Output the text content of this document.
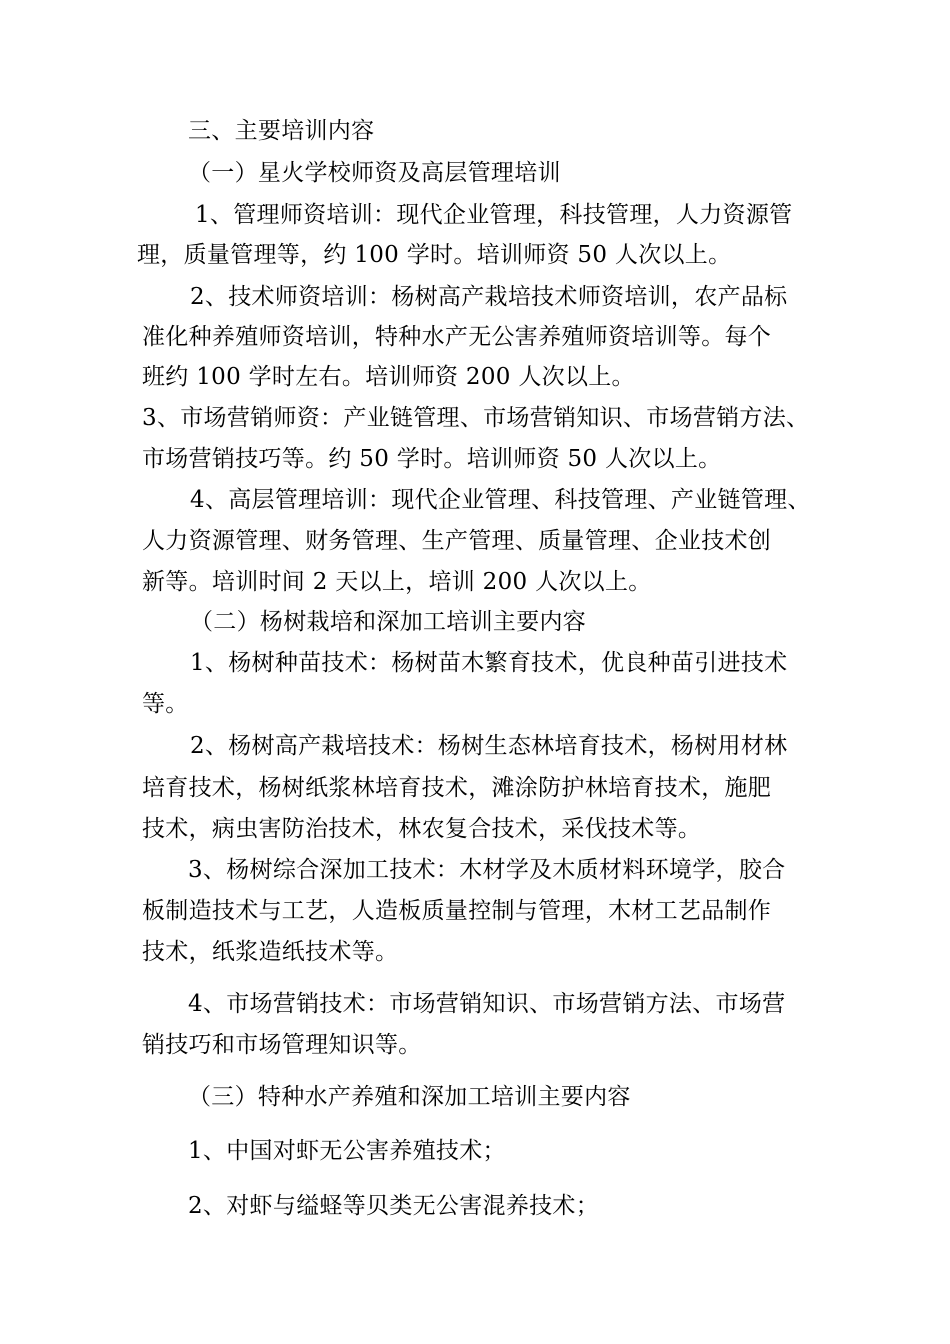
三、主要培训内容
（一）星火学校师资及高层管理培训
1、管理师资培训：现代企业管理，科技管理，人力资源管
理，质量管理等，约 100 学时。培训师资 50 人次以上。
2、技术师资培训：杨树高产栽培技术师资培训，农产品标
准化种养殖师资培训，特种水产无公害养殖师资培训等。每个
班约 100 学时左右。培训师资 200 人次以上。
3、市场营销师资：产业链管理、市场营销知识、市场营销方法、
市场营销技巧等。约 50 学时。培训师资 50 人次以上。
4、高层管理培训：现代企业管理、科技管理、产业链管理、
人力资源管理、财务管理、生产管理、质量管理、企业技术创
新等。培训时间 2 天以上，培训 200 人次以上。
（二）杨树栽培和深加工培训主要内容
1、杨树种苗技术：杨树苗木繁育技术，优良种苗引进技术
等。
2、杨树高产栽培技术：杨树生态林培育技术，杨树用材林
培育技术，杨树纸浆林培育技术，滩涂防护林培育技术，施肥
技术，病虫害防治技术，林农复合技术，采伐技术等。
3、杨树综合深加工技术：木材学及木质材料环境学，胶合
板制造技术与工艺，人造板质量控制与管理，木材工艺品制作
技术，纸浆造纸技术等。
4、市场营销技术：市场营销知识、市场营销方法、市场营
销技巧和市场管理知识等。
（三）特种水产养殖和深加工培训主要内容
1、中国对虾无公害养殖技术；
2、对虾与缢蛏等贝类无公害混养技术；
